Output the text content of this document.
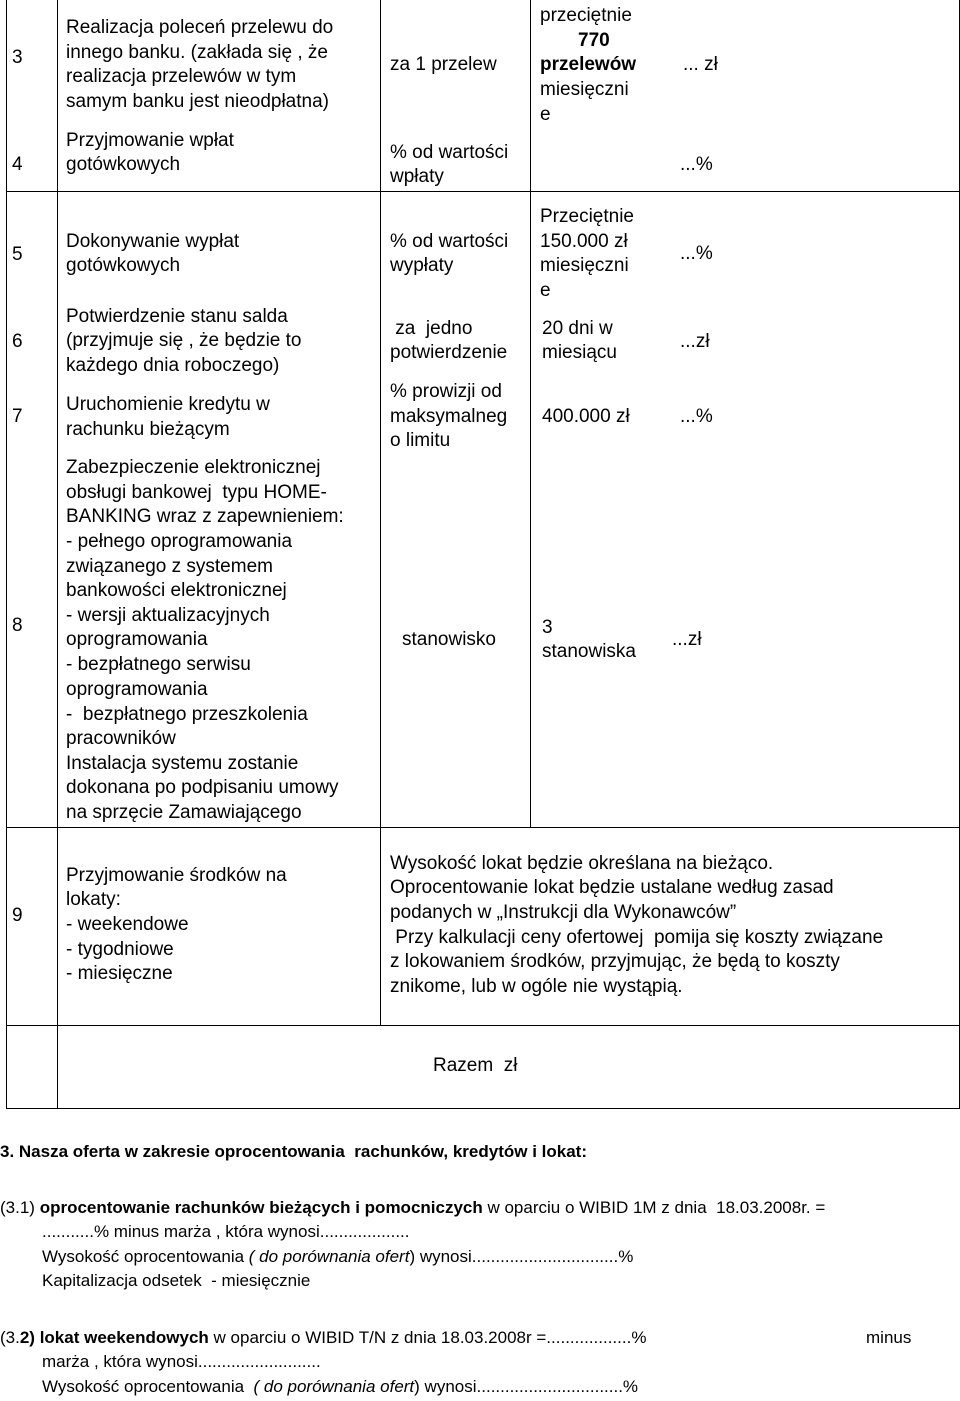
3
4
5
6
7
8
9
Realizacja poleceń przelewu do
innego banku. (zakłada się , że
realizacja przelewów w tym
samym banku jest nieodpłatna)
Przyjmowanie wpłat
gotówkowych
Dokonywanie wypłat
gotówkowych
Potwierdzenie stanu salda
(przyjmuje się , że będzie to
każdego dnia roboczego)
Uruchomienie kredytu w
rachunku bieżącym
Zabezpieczenie elektronicznej
obsługi bankowej  typu HOME-
BANKING wraz z zapewnieniem:
- pełnego oprogramowania
związanego z systemem
bankowości elektronicznej
- wersji aktualizacyjnych
oprogramowania
- bezpłatnego serwisu
oprogramowania
-  bezpłatnego przeszkolenia
pracowników
Instalacja systemu zostanie
dokonana po podpisaniu umowy
na sprzęcie Zamawiającego
Przyjmowanie środków na
lokaty:
- weekendowe
- tygodniowe
- miesięczne
za 1 przelew
% od wartości
wpłaty
% od wartości
wypłaty
za  jedno
potwierdzenie
% prowizji od
maksymalneg
o limitu
stanowisko
przeciętnie
770
przelewów
miesięczni
e
Przeciętnie
150.000 zł
miesięczni
e
20 dni w
miesiącu
400.000 zł
3
stanowiska
... zł
...%
...%
...zł
...%
...zł
Wysokość lokat będzie określana na bieżąco.
Oprocentowanie lokat będzie ustalane według zasad
podanych w „Instrukcji dla Wykonawców”
Przy kalkulacji ceny ofertowej  pomija się koszty związane
z lokowaniem środków, przyjmując, że będą to koszty
znikome, lub w ogóle nie wystąpią.
Razem  zł
3. Nasza oferta w zakresie oprocentowania  rachunków, kredytów i lokat:
(3.1) oprocentowanie rachunków bieżących i pomocniczych w oparciu o WIBID 1M z dnia  18.03.2008r. =
...........% minus marża , która wynosi...................
Wysokość oprocentowania ( do porównania ofert) wynosi...............................%
Kapitalizacja odsetek  - miesięcznie
(3.2) lokat weekendowych w oparciu o WIBID T/N z dnia 18.03.2008r =..................%	minus
marża , która wynosi..........................
Wysokość oprocentowania  ( do porównania ofert) wynosi...............................%
